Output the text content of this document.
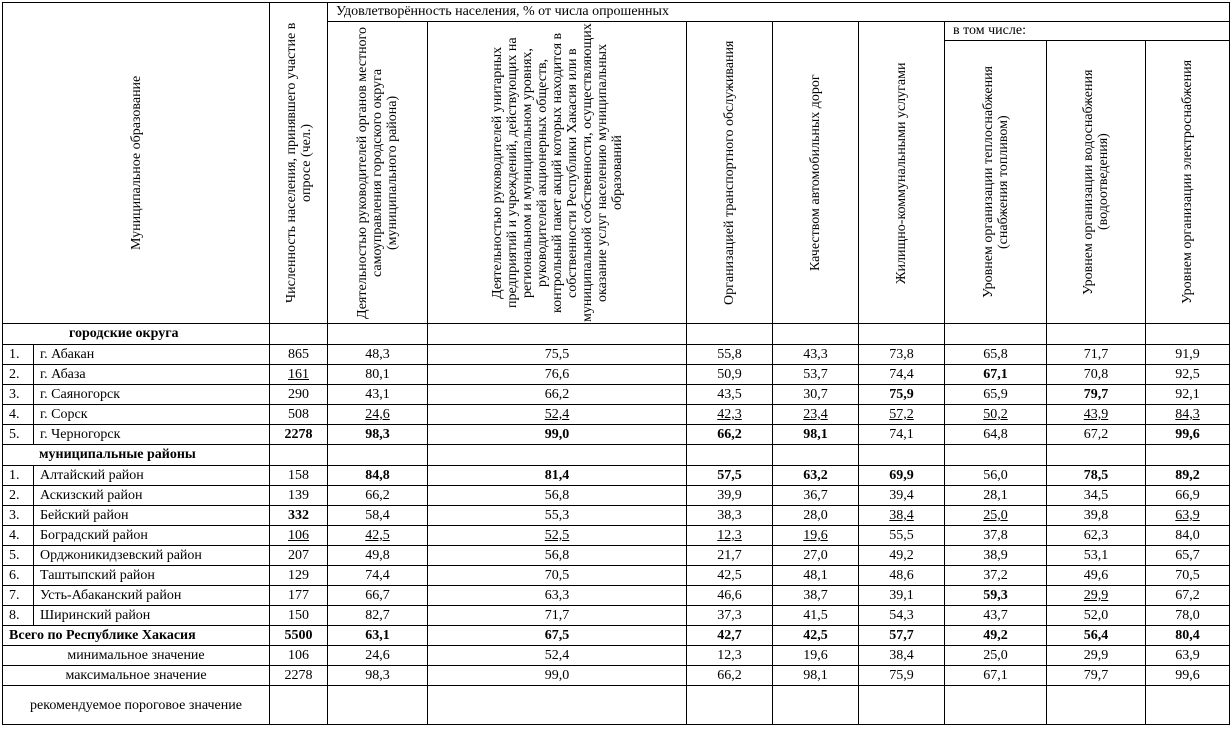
Муниципальное образование		Численность населения, принявшего участие в опросе (чел.)	Удовлетворённость населения, % от числа опрошенных							

			Деятельностью руководителей органов местного самоуправления городского округа (муниципального района)	Деятельностью руководителей унитарных предприятий и учреждений, действующих на региональном и муниципальном уровнях, руководителей акционерных обществ, контрольный пакет акций которых находится в собственности Республики Хакасия или в муниципальной собственности, осуществляющих оказание услуг населению муниципальных образований	Организацией транспортного обслуживания	Качеством автомобильных дорог	Жилищно-коммунальными услугами	в том числе:		

								Уровнем организации теплоснабжения (снабжения топливом)	Уровнем организации водоснабжения (водоотведения)	Уровнем организации электроснабжения

городские округа										
1.	г. Абакан	865	48,3	75,5	55,8	43,3	73,8	65,8	71,7	91,9
2.	г. Абаза	161	80,1	76,6	50,9	53,7	74,4	67,1	70,8	92,5
3.	г. Саяногорск	290	43,1	66,2	43,5	30,7	75,9	65,9	79,7	92,1
4.	г. Сорск	508	24,6	52,4	42,3	23,4	57,2	50,2	43,9	84,3
5.	г. Черногорск	2278	98,3	99,0	66,2	98,1	74,1	64,8	67,2	99,6
муниципальные районы										
1.	Алтайский район	158	84,8	81,4	57,5	63,2	69,9	56,0	78,5	89,2
2.	Аскизский район	139	66,2	56,8	39,9	36,7	39,4	28,1	34,5	66,9
3.	Бейский район	332	58,4	55,3	38,3	28,0	38,4	25,0	39,8	63,9
4.	Боградский район	106	42,5	52,5	12,3	19,6	55,5	37,8	62,3	84,0
5.	Орджоникидзевский район	207	49,8	56,8	21,7	27,0	49,2	38,9	53,1	65,7
6.	Таштыпский район	129	74,4	70,5	42,5	48,1	48,6	37,2	49,6	70,5
7.	Усть-Абаканский район	177	66,7	63,3	46,6	38,7	39,1	59,3	29,9	67,2
8.	Ширинский район	150	82,7	71,7	37,3	41,5	54,3	43,7	52,0	78,0
Всего по Республике Хакасия		5500	63,1	67,5	42,7	42,5	57,7	49,2	56,4	80,4
минимальное значение		106	24,6	52,4	12,3	19,6	38,4	25,0	29,9	63,9
максимальное значение		2278	98,3	99,0	66,2	98,1	75,9	67,1	79,7	99,6
рекомендуемое пороговое значение										
